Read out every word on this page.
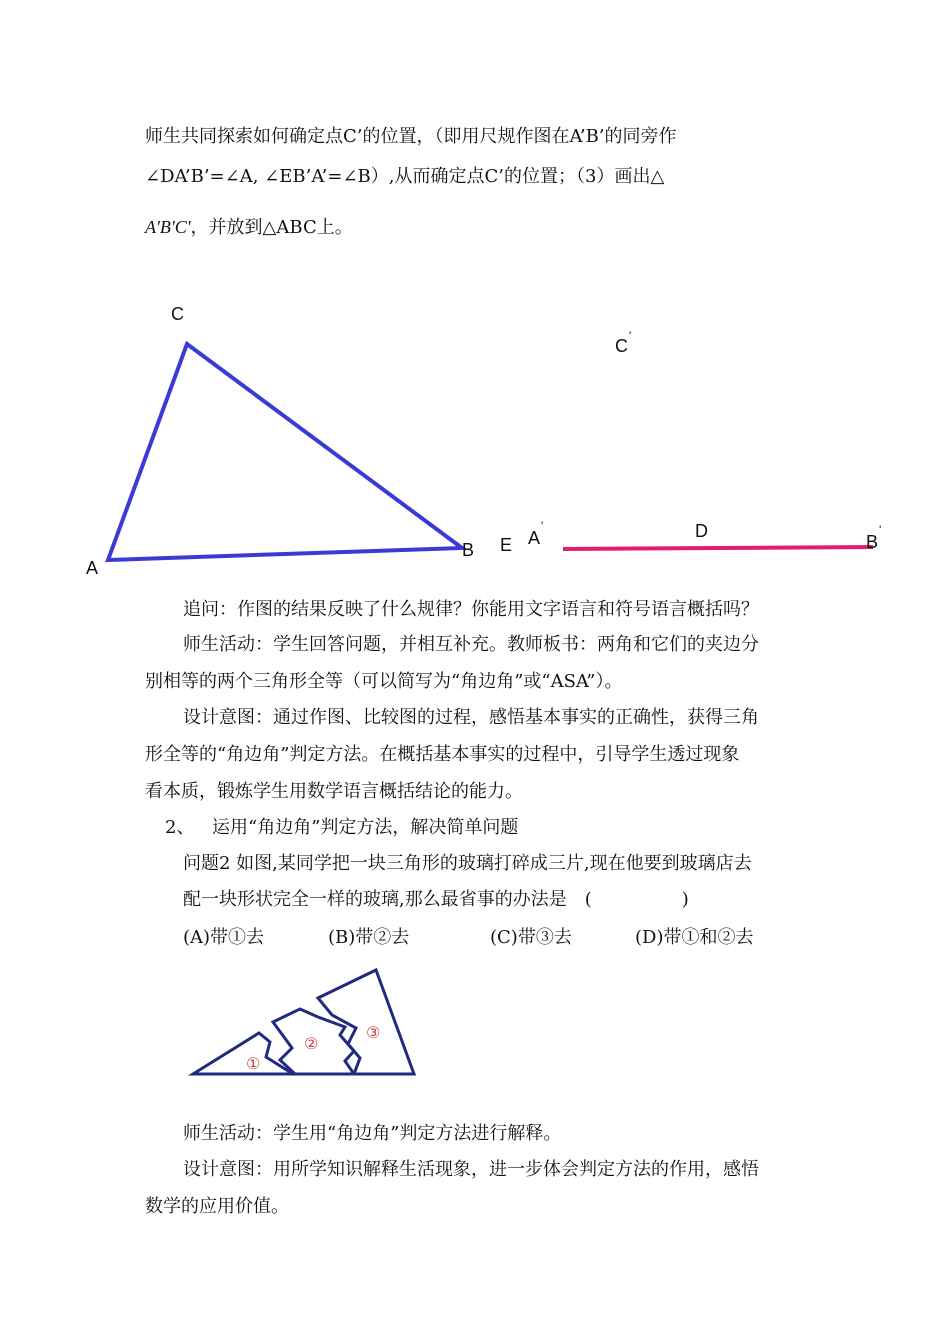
师生共同探索如何确定点C’的位置，（即用尺规作图在A’B’的同旁作
∠DA’B’=∠A, ∠EB’A’=∠B）,从而确定点C’的位置；（3）画出△
A'B'C'，并放到△ABC上。
C
A
B E A
'	D
B
'
C '
追问：作图的结果反映了什么规律？你能用文字语言和符号语言概括吗？
师生活动：学生回答问题，并相互补充。教师板书：两角和它们的夹边分
别相等的两个三角形全等（可以简写为“角边角”或“ASA”）。
设计意图：通过作图、比较图的过程，感悟基本事实的正确性，获得三角
形全等的“角边角”判定方法。在概括基本事实的过程中，引导学生透过现象
看本质，锻炼学生用数学语言概括结论的能力。
2、 运用“角边角”判定方法，解决简单问题
问题2 如图,某同学把一块三角形的玻璃打碎成三片,现在他要到玻璃店去
配一块形状完全一样的玻璃,那么最省事的办法是　(　　　　　)
(A)带①去	(B)带②去	(C)带③去	(D)带①和②去
①
②
③
师生活动：学生用“角边角”判定方法进行解释。
设计意图：用所学知识解释生活现象，进一步体会判定方法的作用，感悟
数学的应用价值。
